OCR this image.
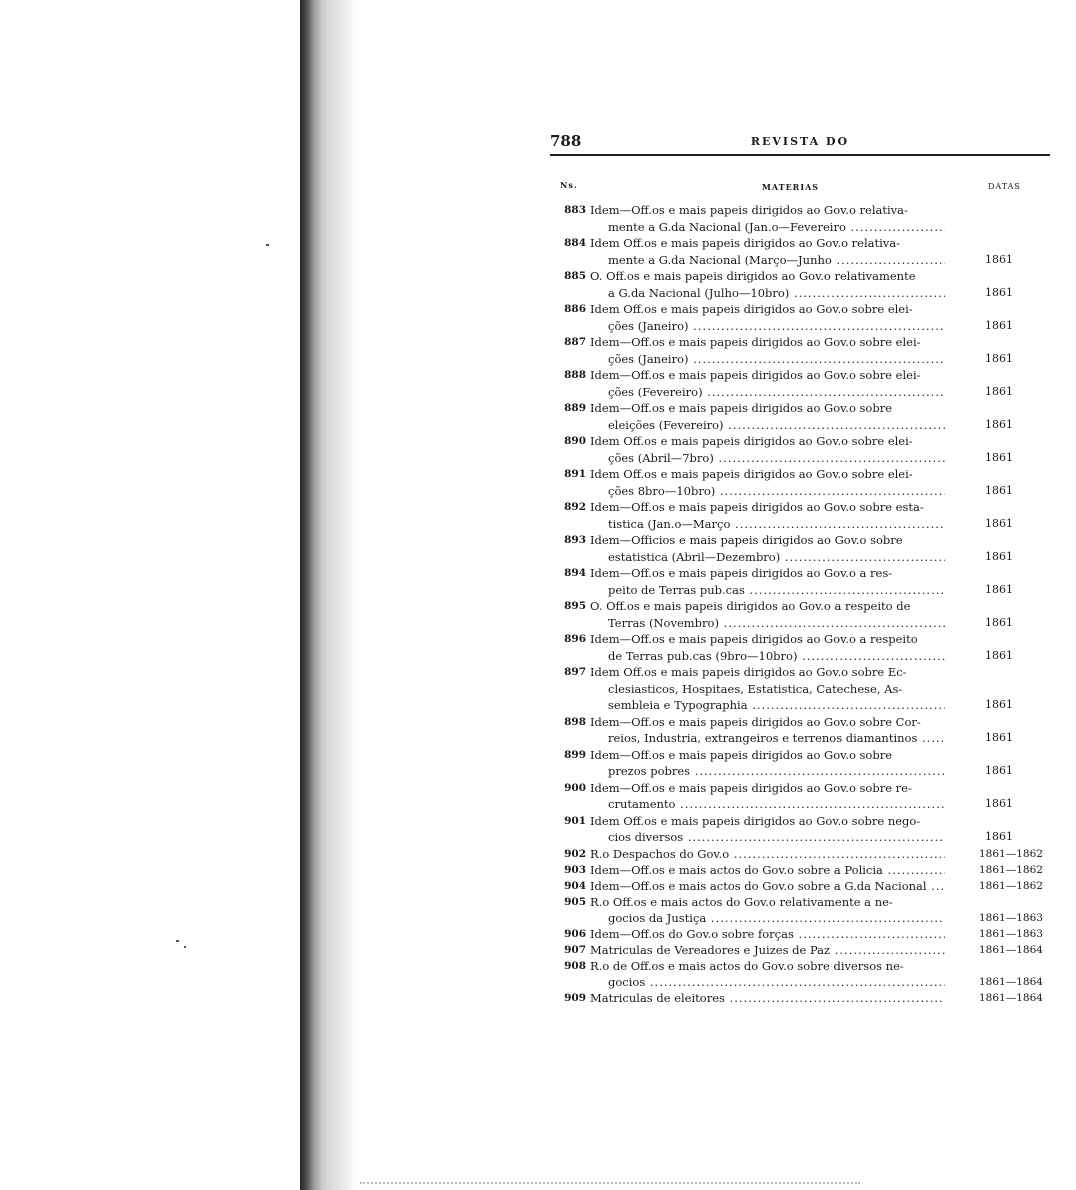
788	REVISTA DO
Ns.	MATERIAS	DATAS
883 Idem—Off.os e mais papeis dirigidos ao Gov.o relativa-
mente a G.da Nacional (Jan.o—Fevereiro .....
884 Idem Off.os e mais papeis dirigidos ao Gov.o relativa-
mente a G.da Nacional (Março—Junho .....	1861
885 O. Off.os e mais papeis dirigidos ao Gov.o relativamente
a G.da Nacional (Julho—10bro) .....	1861
886 Idem Off.os e mais papeis dirigidos ao Gov.o sobre elei-
ções (Janeiro) .....	1861
887 Idem—Off.os e mais papeis dirigidos ao Gov.o sobre elei-
ções (Janeiro) .....	1861
888 Idem—Off.os e mais papeis dirigidos ao Gov.o sobre elei-
ções (Fevereiro) .....	1861
889 Idem—Off.os e mais papeis dirigidos ao Gov.o sobre
eleições (Fevereiro) .....	1861
890 Idem Off.os e mais papeis dirigidos ao Gov.o sobre elei-
ções (Abril—7bro) .....	1861
891 Idem Off.os e mais papeis dirigidos ao Gov.o sobre elei-
ções 8bro—10bro) .....	1861
892 Idem—Off.os e mais papeis dirigidos ao Gov.o sobre esta-
tistica (Jan.o—Março .....	1861
893 Idem—Officios e mais papeis dirigidos ao Gov.o sobre
estatistica (Abril—Dezembro) .....	1861
894 Idem—Off.os e mais papeis dirigidos ao Gov.o a res-
peito de Terras pub.cas .....	1861
895 O. Off.os e mais papeis dirigidos ao Gov.o a respeito de
Terras (Novembro) .....	1861
896 Idem—Off.os e mais papeis dirigidos ao Gov.o a respeito
de Terras pub.cas (9bro—10bro) .....	1861
897 Idem Off.os e mais papeis dirigidos ao Gov.o sobre Ec-
clesiasticos, Hospitaes, Estatistica, Catechese, As-
sembleia e Typographia .....	1861
898 Idem—Off.os e mais papeis dirigidos ao Gov.o sobre Cor-
reios, Industria, extrangeiros e terrenos diamantinos .....	1861
899 Idem—Off.os e mais papeis dirigidos ao Gov.o sobre
prezos pobres .....	1861
900 Idem—Off.os e mais papeis dirigidos ao Gov.o sobre re-
crutamento .....	1861
901 Idem Off.os e mais papeis dirigidos ao Gov.o sobre nego-
cios diversos .....	1861
902 R.o Despachos do Gov.o .....	1861—1862
903 Idem—Off.os e mais actos do Gov.o sobre a Policia .....	1861—1862
904 Idem—Off.os e mais actos do Gov.o sobre a G.da Nacional .....	1861—1862
905 R.o Off.os e mais actos do Gov.o relativamente a ne-
gocios da Justiça .....	1861—1863
906 Idem—Off.os do Gov.o sobre forças .....	1861—1863
907 Matriculas de Vereadores e Juizes de Paz .....	1861—1864
908 R.o de Off.os e mais actos do Gov.o sobre diversos ne-
gocios .....	1861—1864
909 Matriculas de eleitores .....	1861—1864
